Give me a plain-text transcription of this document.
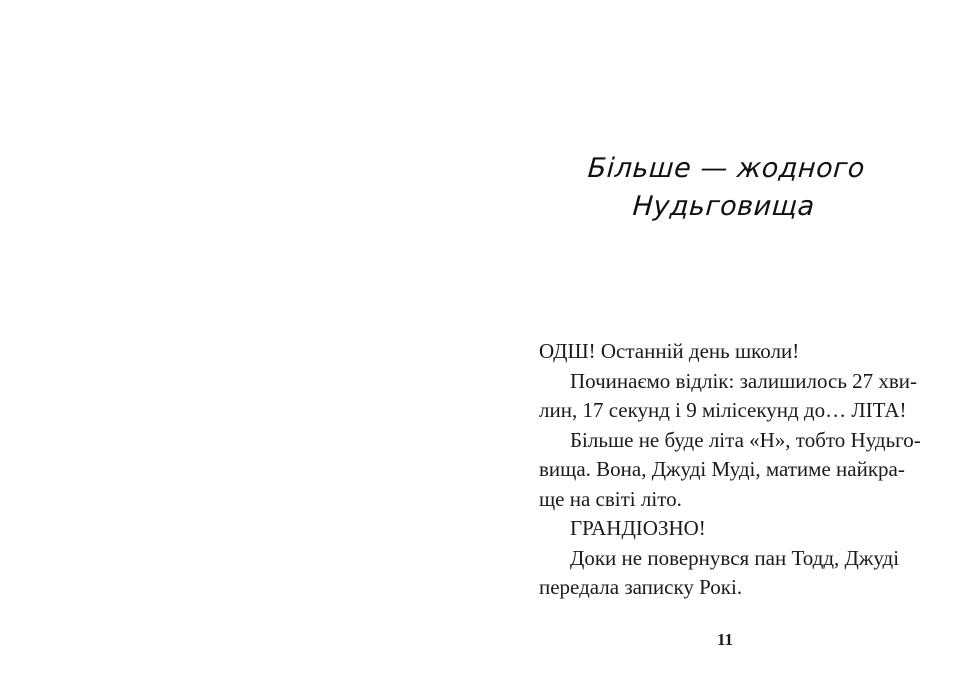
Більше — жодного
Нудьговища

ОДШ! Останній день школи!

Починаємо відлік: залишилось 27 хви-
лин, 17 секунд і 9 мілісекунд до… ЛІТА!

Більше не буде літа «Н», тобто Нудьго-
вища. Вона, Джуді Муді, матиме найкра-
ще на світі літо.

ГРАНДІОЗНО!

Доки не повернувся пан Тодд, Джуді
передала записку Рокі.

11
